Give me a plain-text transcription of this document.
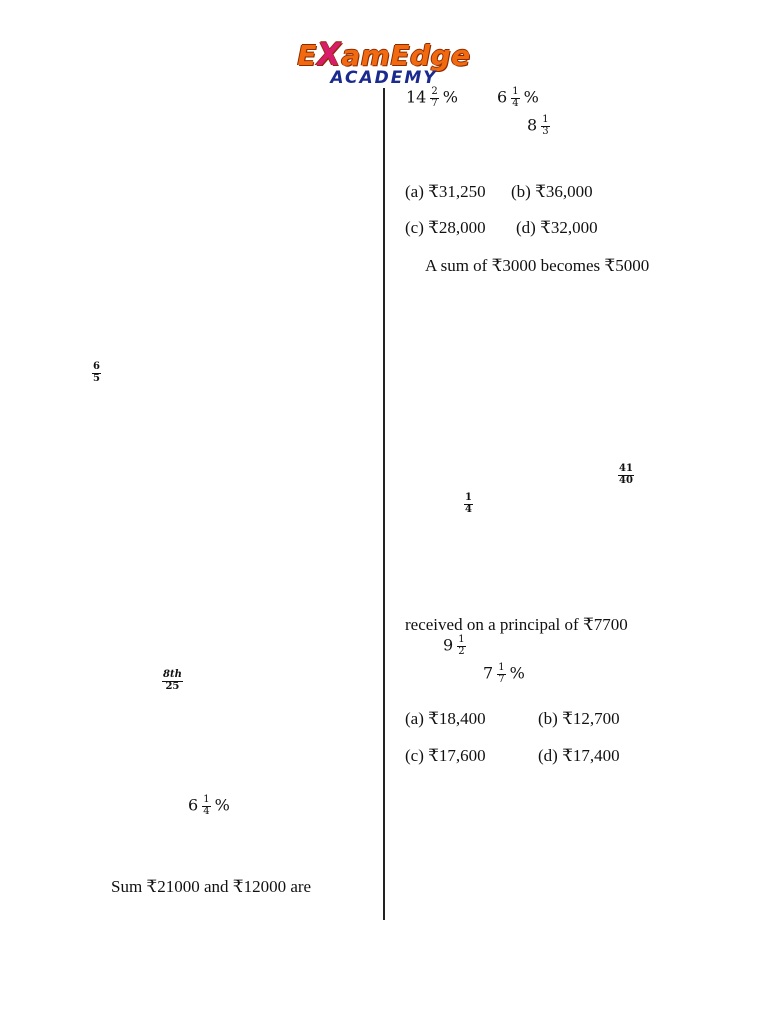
EXamEdge
ACADEMY
$\frac{6}{5}$
$\frac{8th}{25}$
$6 \frac{1}{4}$ %
Sum ₹21000 and ₹12000 are
$14 \frac{2}{7}$ % $6 \frac{1}{4}$ %
$8 \frac{1}{3}$
(a) ₹31,250 (b) ₹36,000
(c) ₹28,000 (d) ₹32,000
A sum of ₹3000 becomes ₹5000
$\frac{41}{40}$
$\frac{1}{4}$
received on a principal of ₹7700
$9 \frac{1}{2}$
$7 \frac{1}{7}$ %
(a) ₹18,400	(b) ₹12,700
(c) ₹17,600	(d) ₹17,400
